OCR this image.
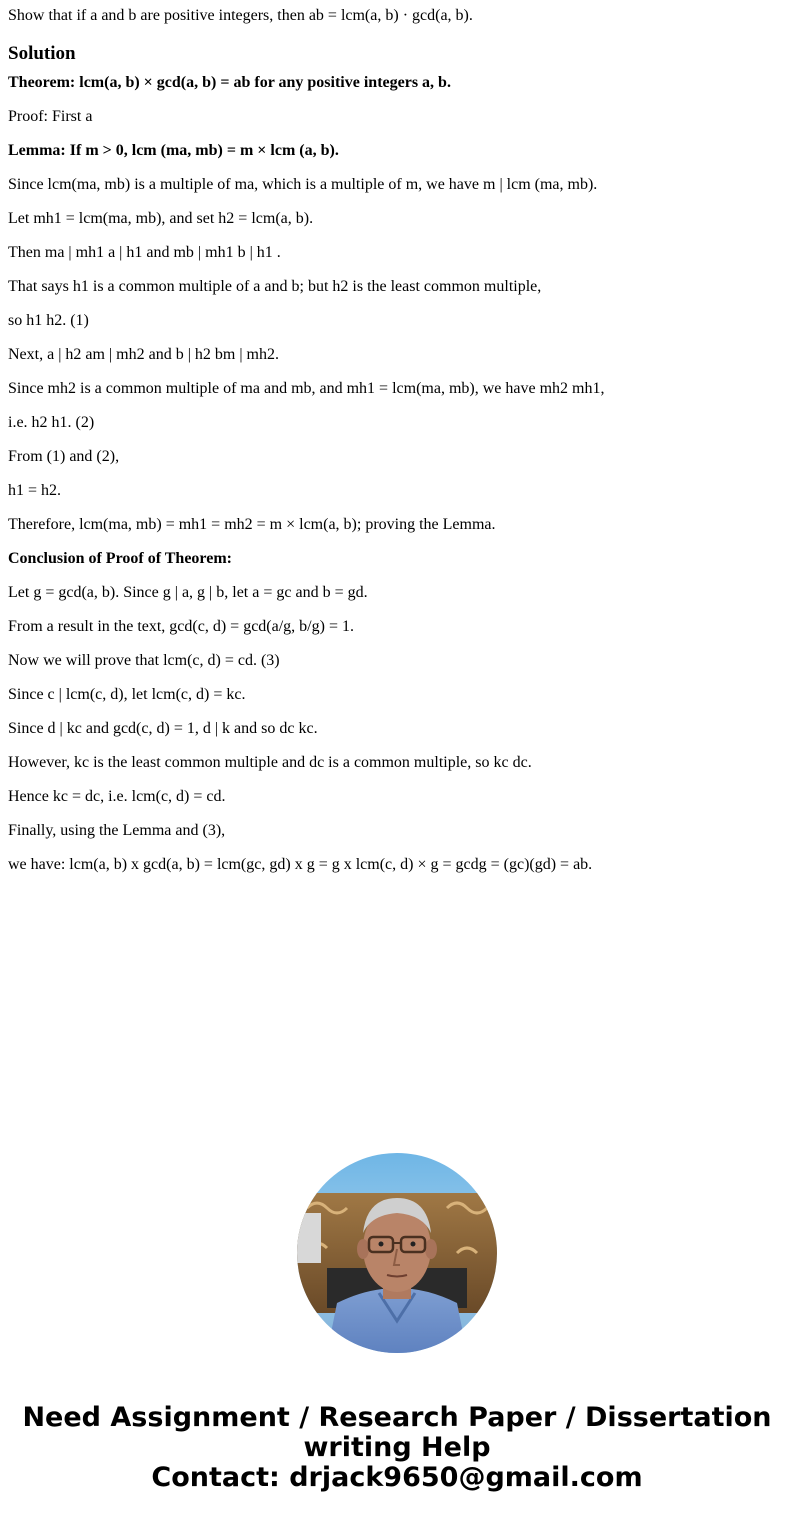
Show that if a and b are positive integers, then ab = lcm(a, b) · gcd(a, b).
Solution
Theorem: lcm(a, b) × gcd(a, b) = ab for any positive integers a, b.
Proof: First a
Lemma: If m > 0, lcm (ma, mb) = m × lcm (a, b).
Since lcm(ma, mb) is a multiple of ma, which is a multiple of m, we have m | lcm (ma, mb).
Let mh1 = lcm(ma, mb), and set h2 = lcm(a, b).
Then ma | mh1 a | h1 and mb | mh1 b | h1 .
That says h1 is a common multiple of a and b; but h2 is the least common multiple,
so h1 h2. (1)
Next, a | h2 am | mh2 and b | h2 bm | mh2.
Since mh2 is a common multiple of ma and mb, and mh1 = lcm(ma, mb), we have mh2 mh1,
i.e. h2 h1. (2)
From (1) and (2),
h1 = h2.
Therefore, lcm(ma, mb) = mh1 = mh2 = m × lcm(a, b); proving the Lemma.
Conclusion of Proof of Theorem:
Let g = gcd(a, b). Since g | a, g | b, let a = gc and b = gd.
From a result in the text, gcd(c, d) = gcd(a/g, b/g) = 1.
Now we will prove that lcm(c, d) = cd. (3)
Since c | lcm(c, d), let lcm(c, d) = kc.
Since d | kc and gcd(c, d) = 1, d | k and so dc kc.
However, kc is the least common multiple and dc is a common multiple, so kc dc.
Hence kc = dc, i.e. lcm(c, d) = cd.
Finally, using the Lemma and (3),
we have: lcm(a, b) x gcd(a, b) = lcm(gc, gd) x g = g x lcm(c, d) × g = gcdg = (gc)(gd) = ab.
Need Assignment / Research Paper / Dissertation
writing Help
Contact: drjack9650@gmail.com
